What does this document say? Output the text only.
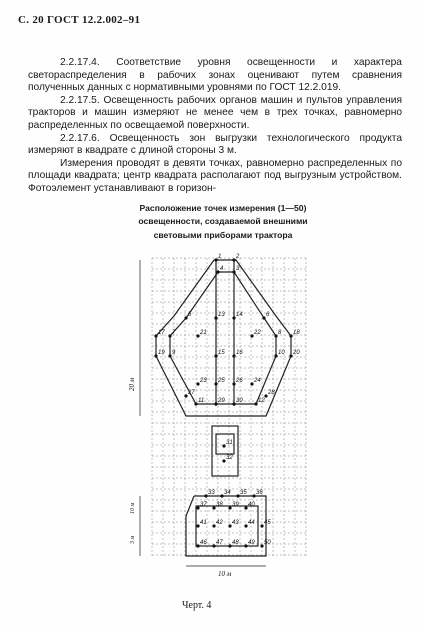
С. 20 ГОСТ 12.2.002–91

2.2.17.4. Соответствие уровня освещенности и характера светораспределения в рабочих зонах оценивают путем сравнения полученных данных с нормативными уровнями по ГОСТ 12.2.019.

2.2.17.5. Освещенность рабочих органов машин и пультов управления тракторов и машин измеряют не менее чем в трех точках, равномерно распределенных по освещаемой поверхности.

2.2.17.6. Освещенность зон выгрузки технологического продукта измеряют в квадрате с длиной стороны 3 м.

Измерения проводят в девяти точках, равномерно распределенных по площади квадрата; центр квадрата располагают под выгрузным устройством. Фотоэлемент устанавливают в горизон-

Расположение точек измерения (1—50)
освещенности, создаваемой внешними
световыми приборами трактора
1 2
3
4
5	6
7	8
9	10
11	12
13 14
15 16
17	18
19	20
21	22
23	24
25 26
27	28
29 30
31
32
33 34 35 36
37 38 39 40
41 42 43 44 45
46 47 48 49 50
20 м
10 м
3 м
10 м
Черт. 4
